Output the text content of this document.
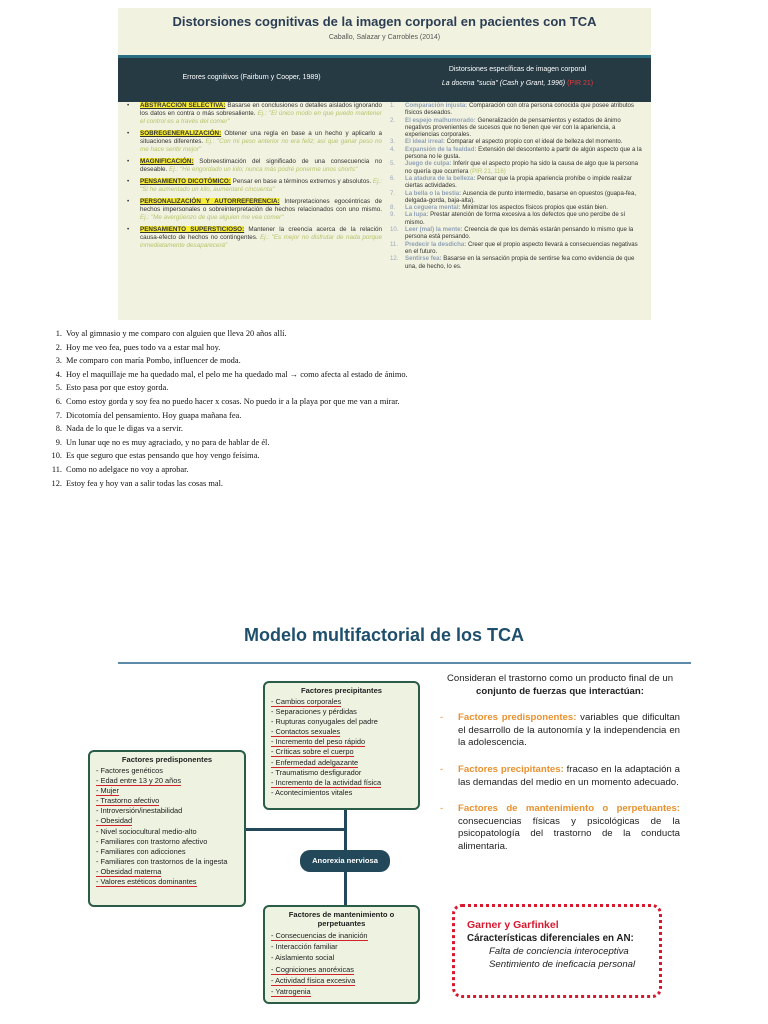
Distorsiones cognitivas de la imagen corporal en pacientes con TCA
Caballo, Salazar y Carrobles (2014)
Errores cognitivos (Fairburn y Cooper, 1989)
Distorsiones específicas de imagen corporal
La docena "sucia" (Cash y Grant, 1996) (PIR 21)
• ABSTRACCIÓN SELECTIVA: Basarse en conclusiones o detalles aislados ignorando los datos en contra o más sobresaliente. Ej.: "El único modo en que puedo mantener el control es a través del comer"
• SOBREGENERALIZACIÓN: Obtener una regla en base a un hecho y aplicarlo a situaciones diferentes. Ej.: "Con mi peso anterior no era feliz; así que ganar peso no me hace sentir mejor"
• MAGNIFICACIÓN: Sobreestimación del significado de una consecuencia no deseable. Ej.: "He engordado un kilo; nunca más podré ponerme unos shorts"
• PENSAMIENTO DICOTÓMICO: Pensar en base a términos extremos y absolutos. Ej.: "Si he aumentado un kilo, aumentaré cincuenta"
• PERSONALIZACIÓN Y AUTORREFERENCIA: Interpretaciones egocéntricas de hechos impersonales o sobreinterpretación de hechos relacionados con uno mismo. Ej.: "Me avergüenzo de que alguien me vea comer"
• PENSAMIENTO SUPERSTICIOSO: Mantener la creencia acerca de la relación causa-efecto de hechos no contingentes. Ej.: "Es mejor no disfrutar de nada porque inmediatamente desaparecerá"
1. Comparación injusta: Comparación con otra persona conocida que posee atributos físicos deseados.
2. El espejo malhumorado: Generalización de pensamientos y estados de ánimo negativos provenientes de sucesos que no tienen que ver con la apariencia, a experiencias corporales.
3. El ideal irreal: Comparar el aspecto propio con el ideal de belleza del momento.
4. Expansión de la fealdad: Extensión del descontento a partir de algún aspecto que a la persona no le gusta.
5. Juego de culpa: Inferir que el aspecto propio ha sido la causa de algo que la persona no quería que ocurriera (PIR 21, 116)
6. La atadura de la belleza: Pensar que la propia apariencia prohíbe o impide realizar ciertas actividades.
7. La bella o la bestia: Ausencia de punto intermedio, basarse en opuestos (guapa-fea, delgada-gorda, baja-alta).
8. La ceguera mental: Minimizar los aspectos físicos propios que están bien.
9. La lupa: Prestar atención de forma excesiva a los defectos que uno percibe de sí mismo.
10. Leer (mal) la mente: Creencia de que los demás estarán pensando lo mismo que la persona está pensando.
11. Predecir la desdicha: Creer que el propio aspecto llevará a consecuencias negativas en el futuro.
12. Sentirse fea: Basarse en la sensación propia de sentirse fea como evidencia de que una, de hecho, lo es.
1. Voy al gimnasio y me comparo con alguien que lleva 20 años allí.
2. Hoy me veo fea, pues todo va a estar mal hoy.
3. Me comparo con maría Pombo, influencer de moda.
4. Hoy el maquillaje me ha quedado mal, el pelo me ha quedado mal → como afecta al estado de ánimo.
5. Esto pasa por que estoy gorda.
6. Como estoy gorda y soy fea no puedo hacer x cosas. No puedo ir a la playa por que me van a mirar.
7. Dicotomía del pensamiento. Hoy guapa mañana fea.
8. Nada de lo que le digas va a servir.
9. Un lunar uqe no es muy agraciado, y no para de hablar de él.
10. Es que seguro que estas pensando que hoy vengo feísima.
11. Como no adelgace no voy a aprobar.
12. Estoy fea y hoy van a salir todas las cosas mal.
Modelo multifactorial de los TCA
Factores precipitantes
- Cambios corporales
- Separaciones y pérdidas
- Rupturas conyugales del padre
- Contactos sexuales
- Incremento del peso rápido
- Críticas sobre el cuerpo
- Enfermedad adelgazante
- Traumatismo desfigurador
- Incremento de la actividad física
- Acontecimientos vitales
Factores predisponentes
- Factores genéticos
- Edad entre 13 y 20 años
- Mujer
- Trastorno afectivo
- Introversión/inestabilidad
- Obesidad
- Nivel sociocultural medio-alto
- Familiares con trastorno afectivo
- Familiares con adicciones
- Familiares con trastornos de la ingesta
- Obesidad materna
- Valores estéticos dominantes
Anorexia nerviosa
Factores de mantenimiento o perpetuantes
- Consecuencias de inanición
- Interacción familiar
- Aislamiento social
- Cogniciones anoréxicas
- Actividad física excesiva
- Yatrogenia
Consideran el trastorno como un producto final de un conjunto de fuerzas que interactúan:
- Factores predisponentes: variables que dificultan el desarrollo de la autonomía y la independencia en la adolescencia.
- Factores precipitantes: fracaso en la adaptación a las demandas del medio en un momento adecuado.
- Factores de mantenimiento o perpetuantes: consecuencias físicas y psicológicas de la psicopatología del trastorno de la conducta alimentaria.
Garner y Garfinkel
Cáracterísticas diferenciales en AN:
Falta de conciencia interoceptiva
Sentimiento de ineficacia personal
